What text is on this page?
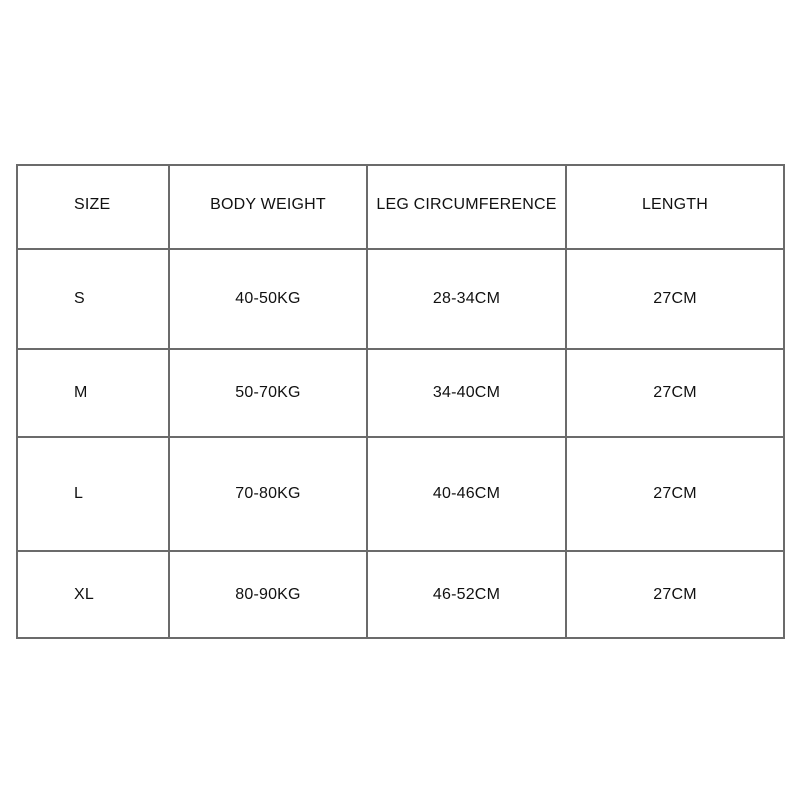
SIZE	BODY WEIGHT	LEG CIRCUMFERENCE	LENGTH
S	40-50KG	28-34CM	27CM
M	50-70KG	34-40CM	27CM
L	70-80KG	40-46CM	27CM
XL	80-90KG	46-52CM	27CM
